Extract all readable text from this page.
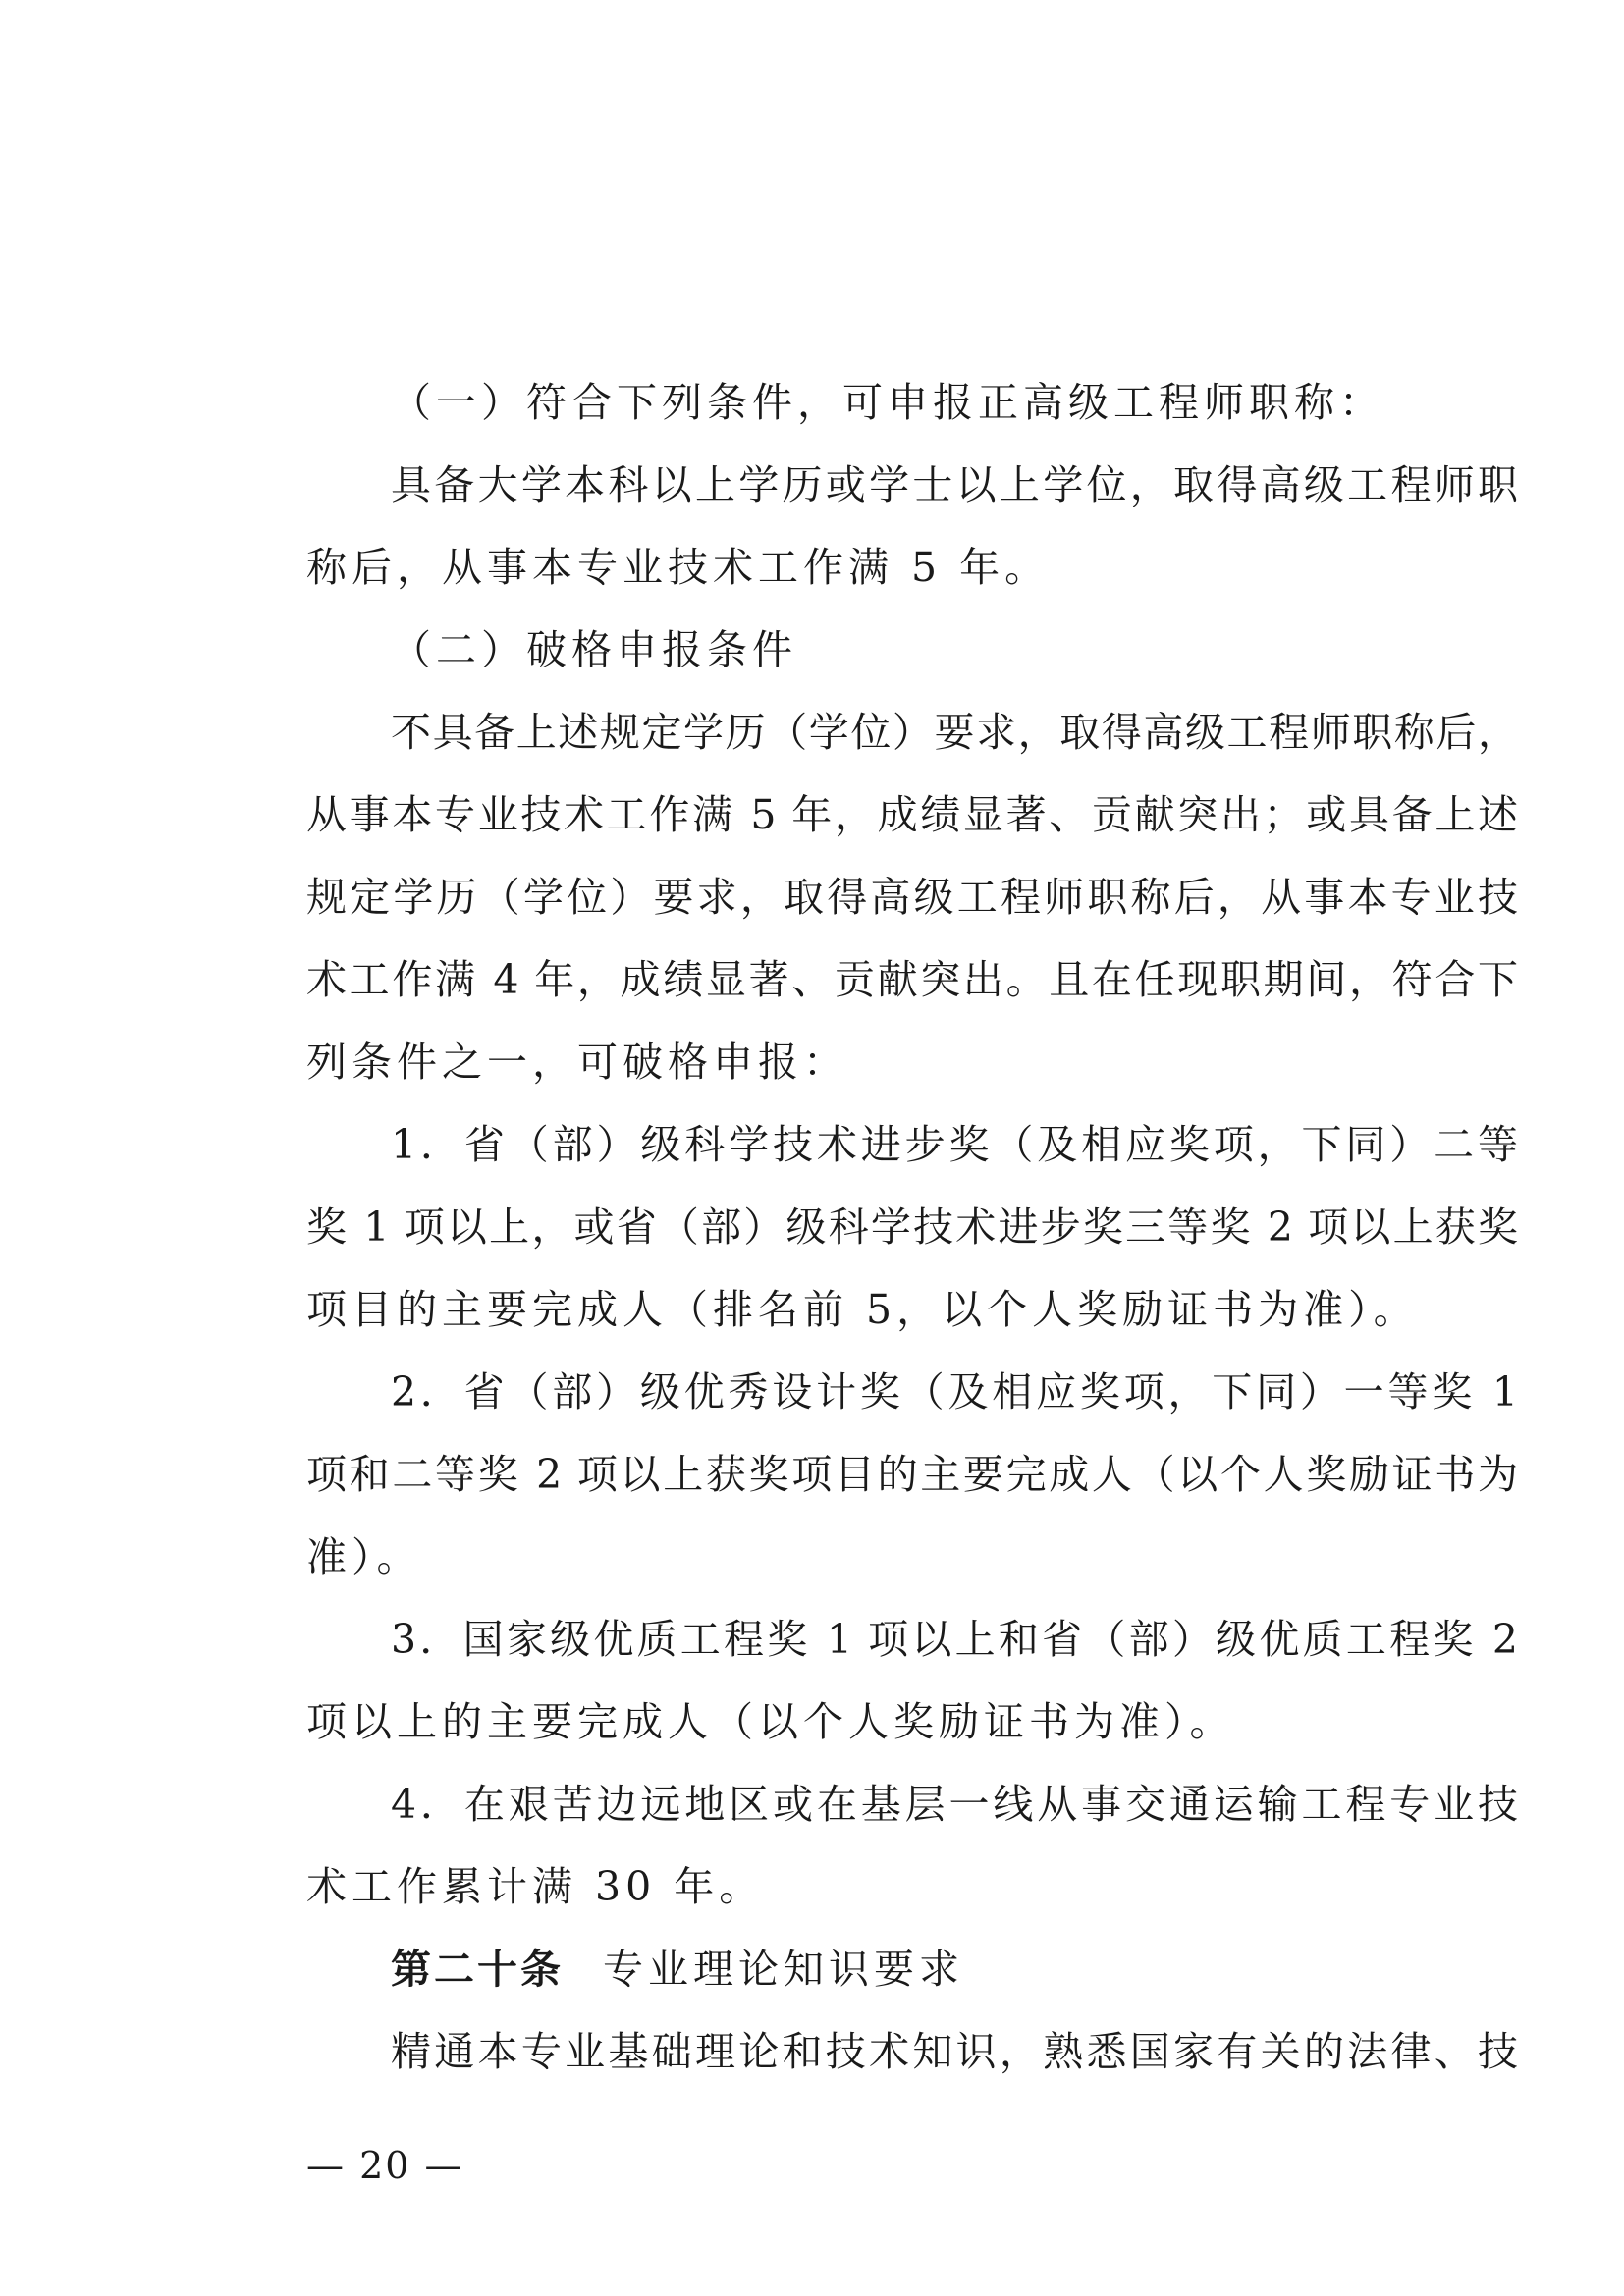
（一）符合下列条件，可申报正高级工程师职称：
具备大学本科以上学历或学士以上学位，取得高级工程师职
称后，从事本专业技术工作满 5 年。
（二）破格申报条件
不具备上述规定学历（学位）要求，取得高级工程师职称后，
从事本专业技术工作满 5 年，成绩显著、贡献突出；或具备上述
规定学历（学位）要求，取得高级工程师职称后，从事本专业技
术工作满 4 年，成绩显著、贡献突出。且在任现职期间，符合下
列条件之一，可破格申报：
1．省（部）级科学技术进步奖（及相应奖项，下同）二等
奖 1 项以上，或省（部）级科学技术进步奖三等奖 2 项以上获奖
项目的主要完成人（排名前 5，以个人奖励证书为准）。
2．省（部）级优秀设计奖（及相应奖项，下同）一等奖 1
项和二等奖 2 项以上获奖项目的主要完成人（以个人奖励证书为
准）。
3．国家级优质工程奖 1 项以上和省（部）级优质工程奖 2
项以上的主要完成人（以个人奖励证书为准）。
4．在艰苦边远地区或在基层一线从事交通运输工程专业技
术工作累计满 30 年。
第二十条 专业理论知识要求
精通本专业基础理论和技术知识，熟悉国家有关的法律、技
— 20 —
